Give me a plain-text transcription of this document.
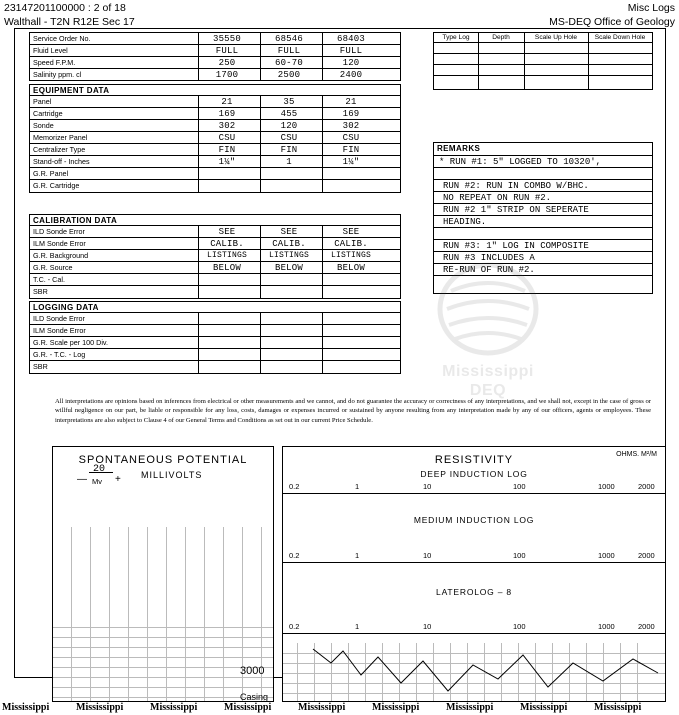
23147201100000 : 2 of 18
Walthall - T2N R12E Sec 17
Misc Logs
MS-DEQ Office of Geology
Service Order No.	35550	68546	68403
Fluid Level	FULL	FULL	FULL
Speed F.P.M.	250	60-70	120
Salinity ppm. cl	1700	2500	2400
EQUIPMENT DATA
Panel	21	35	21
Cartridge	169	455	169
Sonde	302	120	302
Memorizer Panel	CSU	CSU	CSU
Centralizer Type	FIN	FIN	FIN
Stand-off - Inches	1¼"	1	1¼"
G.R. Panel
G.R. Cartridge
CALIBRATION DATA
ILD Sonde Error	SEE	SEE	SEE
ILM Sonde Error	CALIB.	CALIB.	CALIB.
G.R. Background	LISTINGS	LISTINGS	LISTINGS
G.R. Source	BELOW	BELOW	BELOW
T.C. - Cal.
SBR
LOGGING DATA
ILD Sonde Error
ILM Sonde Error
G.R. Scale per 100 Div.
G.R. - T.C. - Log
SBR
Type Log	Depth	Scale Up Hole	Scale Down Hole
REMARKS
* RUN #1: 5" LOGGED TO 10320',
RUN #2: RUN IN COMBO W/BHC.
NO REPEAT ON RUN #2.
RUN #2 1" STRIP ON SEPERATE
HEADING.
RUN #3: 1" LOG IN COMPOSITE
RUN #3 INCLUDES A
RE-RUN OF RUN #2.
Mississippi
DEQ
All interpretations are opinions based on inferences from electrical or other measurements and we cannot, and do not guarantee the accuracy or correctness of any interpretations, and we shall not, except in the case of gross or willful negligence on our part, be liable or responsible for any loss, costs, damages or expenses incurred or sustained by anyone resulting from any interpretation made by any of our officers, agents or employees. These interpretations are also subject to Clause 4 of our General Terms and Conditions as set out in our current Price Schedule.
SPONTANEOUS POTENTIAL
—
20
Mv + MILLIVOLTS
3000
Casing
RESISTIVITY	OHMS. M²/M
DEEP INDUCTION LOG
0.2	1	10	100	1000	2000
MEDIUM INDUCTION LOG
0.2	1	10	100	1000	2000
LATEROLOG – 8
0.2	1	10	100	1000	2000
Mississippi	Mississippi	Mississippi	Mississippi	Mississippi	Mississippi	Mississippi	Mississippi	Mississippi
